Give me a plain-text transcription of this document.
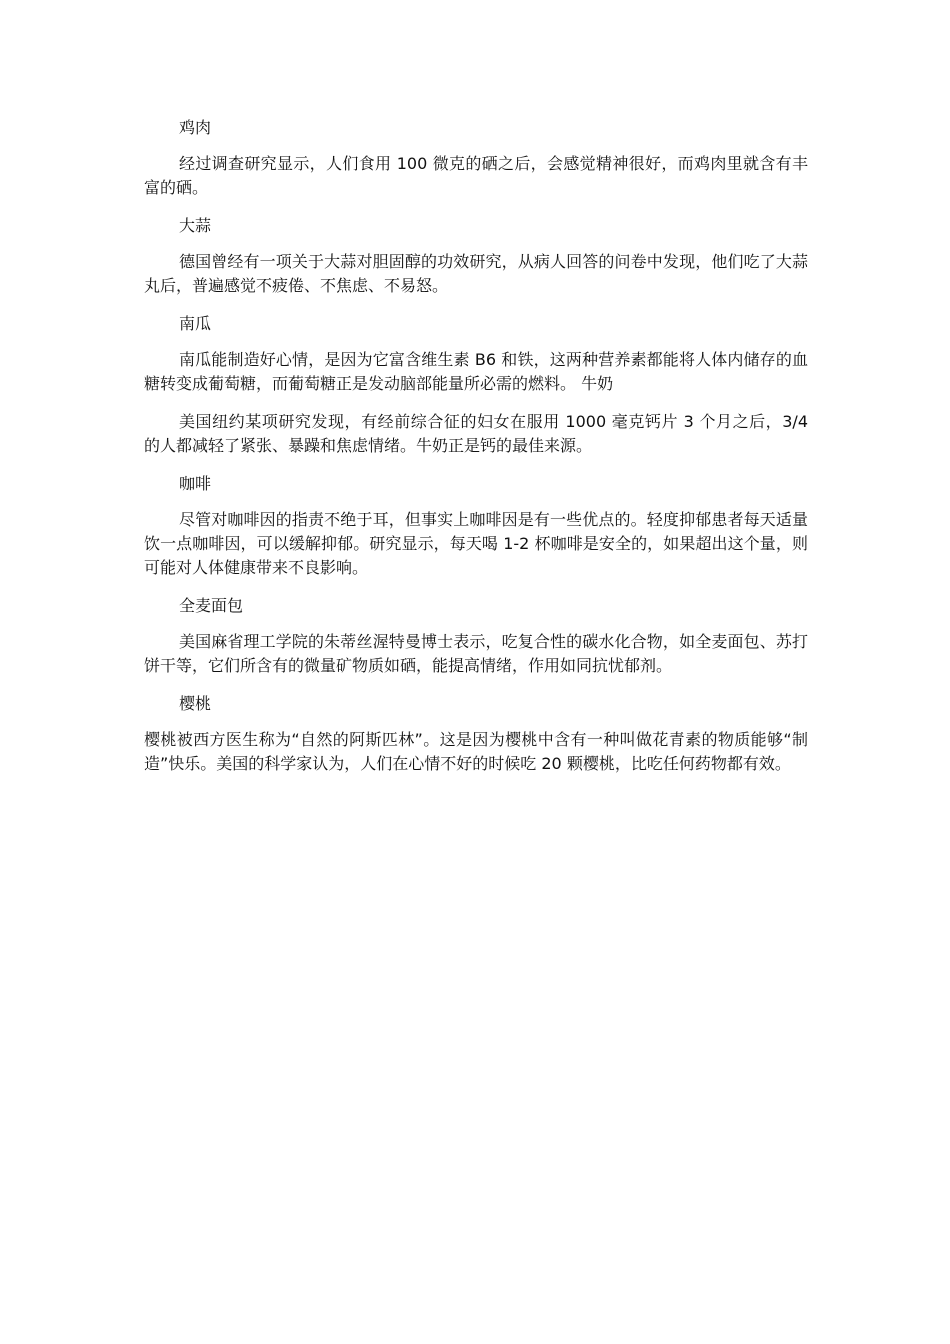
鸡肉

经过调查研究显示，人们食用 100 微克的硒之后，会感觉精神很好，而鸡肉里就含有丰富的硒。

大蒜

德国曾经有一项关于大蒜对胆固醇的功效研究，从病人回答的问卷中发现，他们吃了大蒜丸后，普遍感觉不疲倦、不焦虑、不易怒。

南瓜

南瓜能制造好心情，是因为它富含维生素 B6 和铁，这两种营养素都能将人体内储存的血糖转变成葡萄糖，而葡萄糖正是发动脑部能量所必需的燃料。 牛奶

美国纽约某项研究发现，有经前综合征的妇女在服用 1000 毫克钙片 3 个月之后，3/4 的人都减轻了紧张、暴躁和焦虑情绪。牛奶正是钙的最佳来源。

咖啡

尽管对咖啡因的指责不绝于耳，但事实上咖啡因是有一些优点的。轻度抑郁患者每天适量饮一点咖啡因，可以缓解抑郁。研究显示，每天喝 1-2 杯咖啡是安全的，如果超出这个量，则可能对人体健康带来不良影响。

全麦面包

美国麻省理工学院的朱蒂丝渥特曼博士表示，吃复合性的碳水化合物，如全麦面包、苏打饼干等，它们所含有的微量矿物质如硒，能提高情绪，作用如同抗忧郁剂。

樱桃

樱桃被西方医生称为“自然的阿斯匹林”。这是因为樱桃中含有一种叫做花青素的物质能够“制造”快乐。美国的科学家认为，人们在心情不好的时候吃 20 颗樱桃，比吃任何药物都有效。
